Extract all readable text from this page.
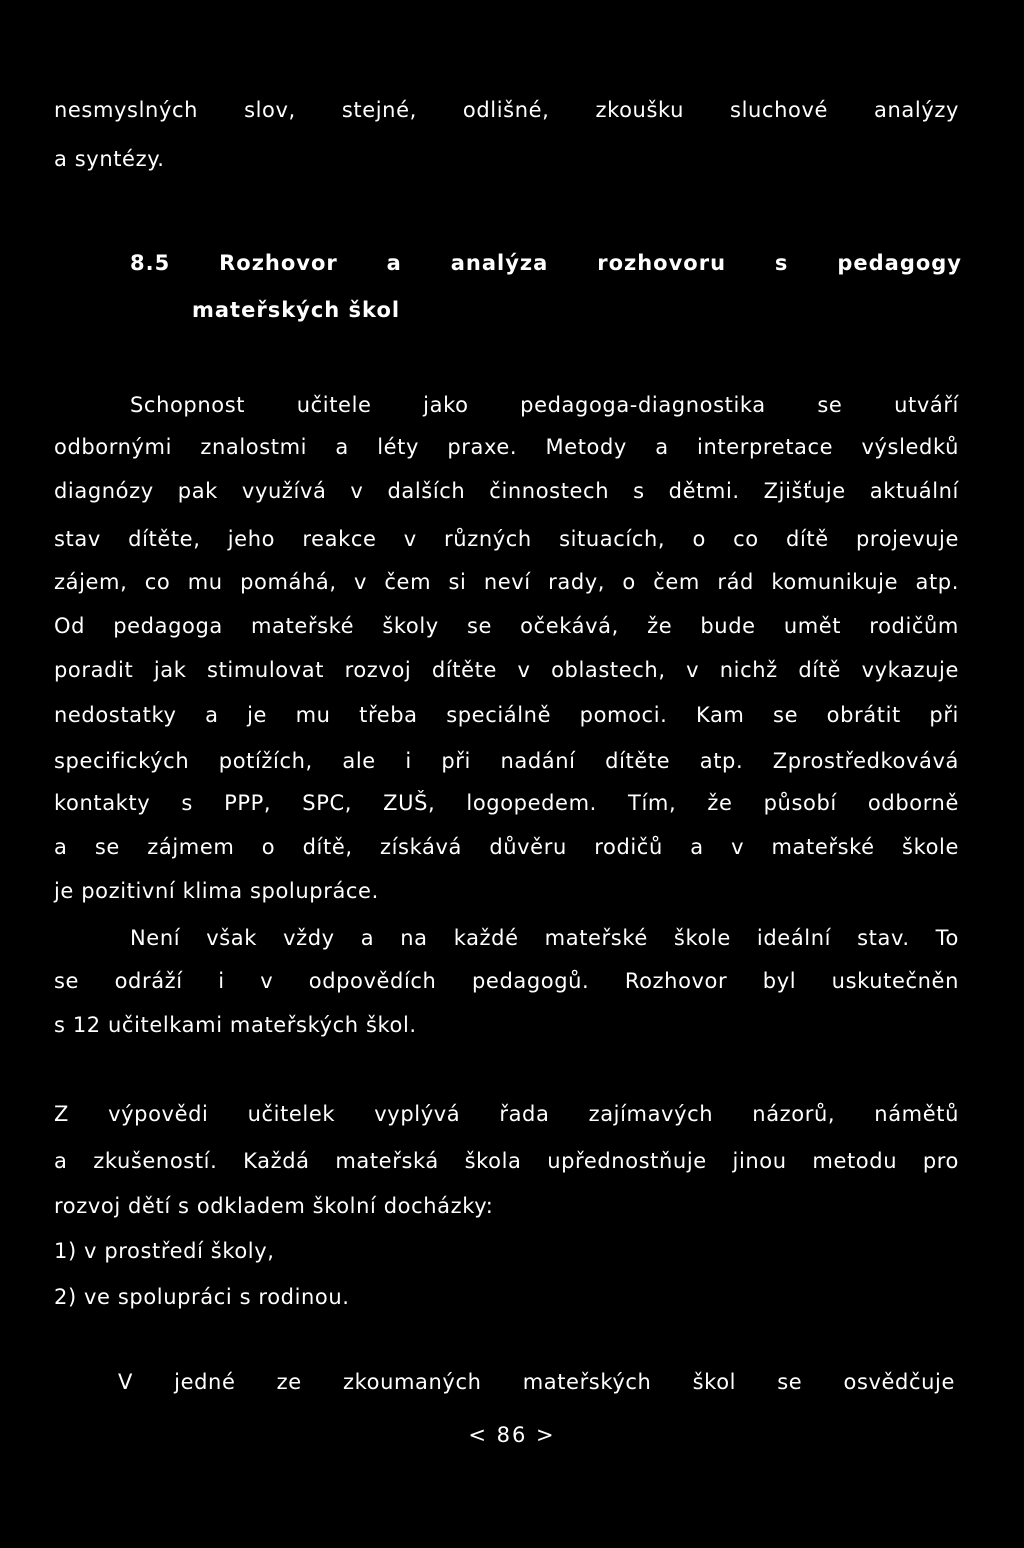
nesmyslných slov, stejné, odlišné, zkoušku sluchové analýzy
a syntézy.
8.5 Rozhovor a analýza rozhovoru s pedagogy
mateřských škol
Schopnost učitele jako pedagoga-diagnostika se utváří
odbornými znalostmi a léty praxe. Metody a interpretace výsledků
diagnózy pak využívá v dalších činnostech s dětmi. Zjišťuje aktuální
stav dítěte, jeho reakce v různých situacích, o co dítě projevuje
zájem, co mu pomáhá, v čem si neví rady, o čem rád komunikuje atp.
Od pedagoga mateřské školy se očekává, že bude umět rodičům
poradit jak stimulovat rozvoj dítěte v oblastech, v nichž dítě vykazuje
nedostatky a je mu třeba speciálně pomoci. Kam se obrátit při
specifických potížích, ale i při nadání dítěte atp. Zprostředkovává
kontakty s PPP, SPC, ZUŠ, logopedem. Tím, že působí odborně
a se zájmem o dítě, získává důvěru rodičů a v mateřské škole
je pozitivní klima spolupráce.
Není však vždy a na každé mateřské škole ideální stav. To
se odráží i v odpovědích pedagogů. Rozhovor byl uskutečněn
s 12 učitelkami mateřských škol.
Z výpovědi učitelek vyplývá řada zajímavých názorů, námětů
a zkušeností. Každá mateřská škola upřednostňuje jinou metodu pro
rozvoj dětí s odkladem školní docházky:
1) v prostředí školy,
2) ve spolupráci s rodinou.
V jedné ze zkoumaných mateřských škol se osvědčuje
< 86 >
